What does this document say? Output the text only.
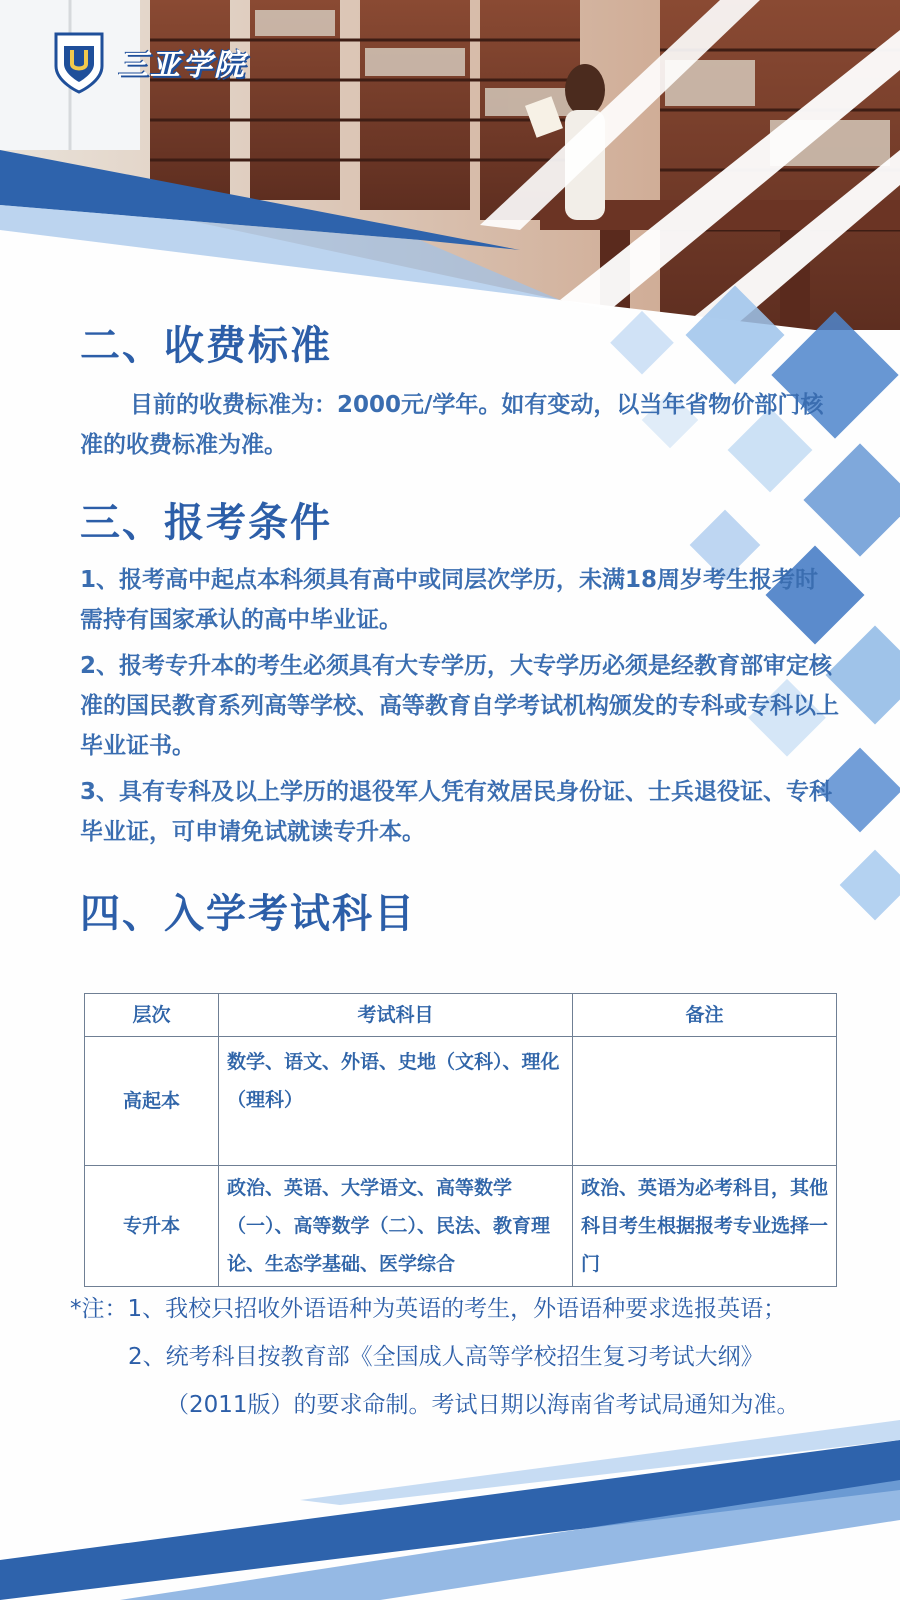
三亚学院
二、收费标准

目前的收费标准为：2000元/学年。如有变动，以当年省物价部门核准的收费标准为准。

三、报考条件

1、报考高中起点本科须具有高中或同层次学历，未满18周岁考生报考时需持有国家承认的高中毕业证。

2、报考专升本的考生必须具有大专学历，大专学历必须是经教育部审定核准的国民教育系列高等学校、高等教育自学考试机构颁发的专科或专科以上毕业证书。

3、具有专科及以上学历的退役军人凭有效居民身份证、士兵退役证、专科毕业证，可申请免试就读专升本。

四、入学考试科目
层次	考试科目	备注
高起本	数学、语文、外语、史地（文科）、理化（理科）	
专升本	政治、英语、大学语文、高等数学（一）、高等数学（二）、民法、教育理论、生态学基础、医学综合	政治、英语为必考科目，其他科目考生根据报考专业选择一门
*注：1、我校只招收外语语种为英语的考生，外语语种要求选报英语；
2、统考科目按教育部《全国成人高等学校招生复习考试大纲》
（2011版）的要求命制。考试日期以海南省考试局通知为准。
